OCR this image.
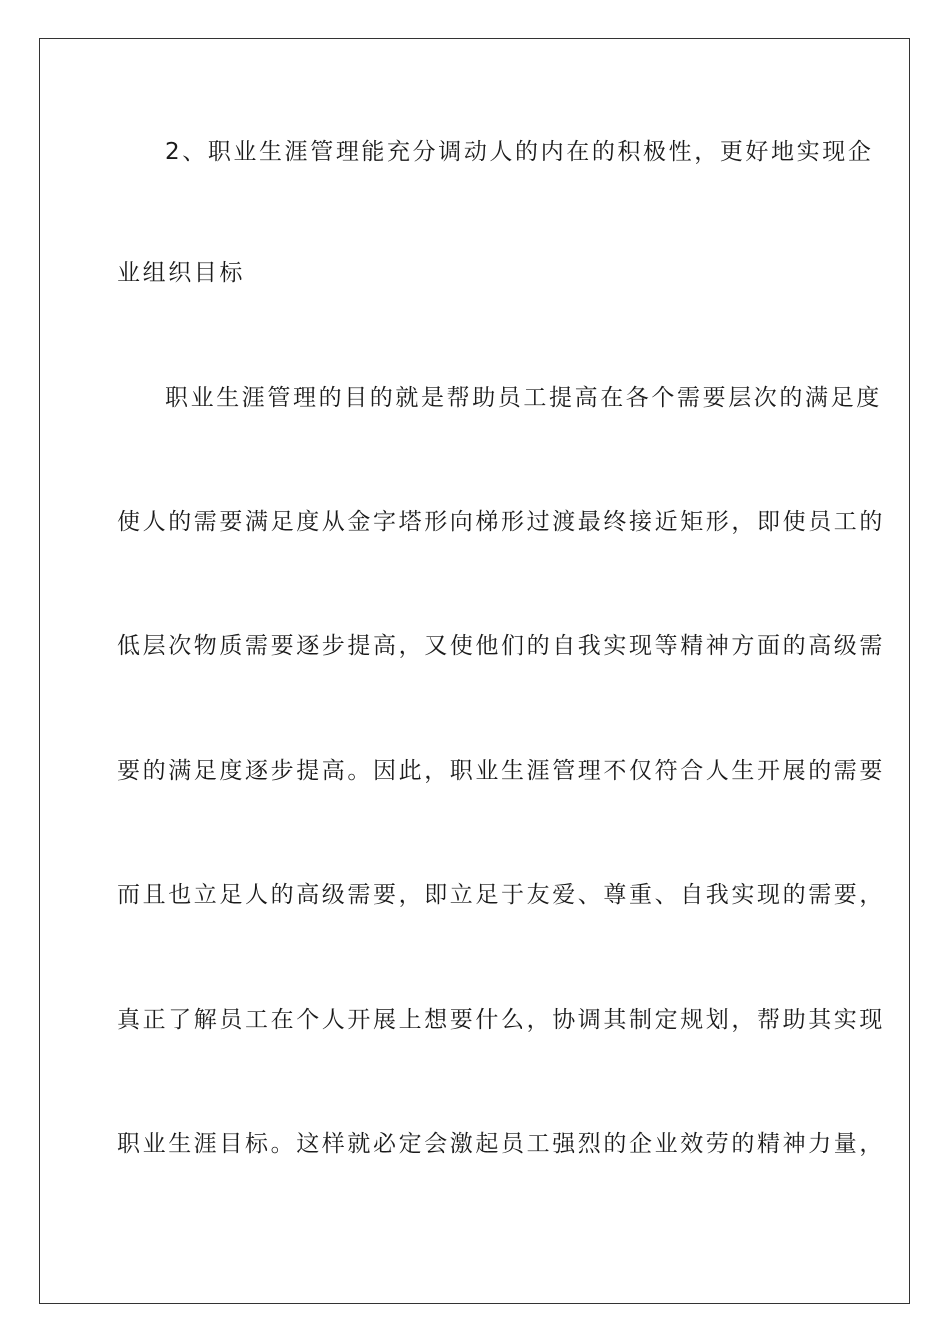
2、职业生涯管理能充分调动人的内在的积极性，更好地实现企
业组织目标
职业生涯管理的目的就是帮助员工提高在各个需要层次的满足度
使人的需要满足度从金字塔形向梯形过渡最终接近矩形，即使员工的
低层次物质需要逐步提高，又使他们的自我实现等精神方面的高级需
要的满足度逐步提高。因此，职业生涯管理不仅符合人生开展的需要
而且也立足人的高级需要，即立足于友爱、尊重、自我实现的需要，
真正了解员工在个人开展上想要什么，协调其制定规划，帮助其实现
职业生涯目标。这样就必定会激起员工强烈的企业效劳的精神力量，
